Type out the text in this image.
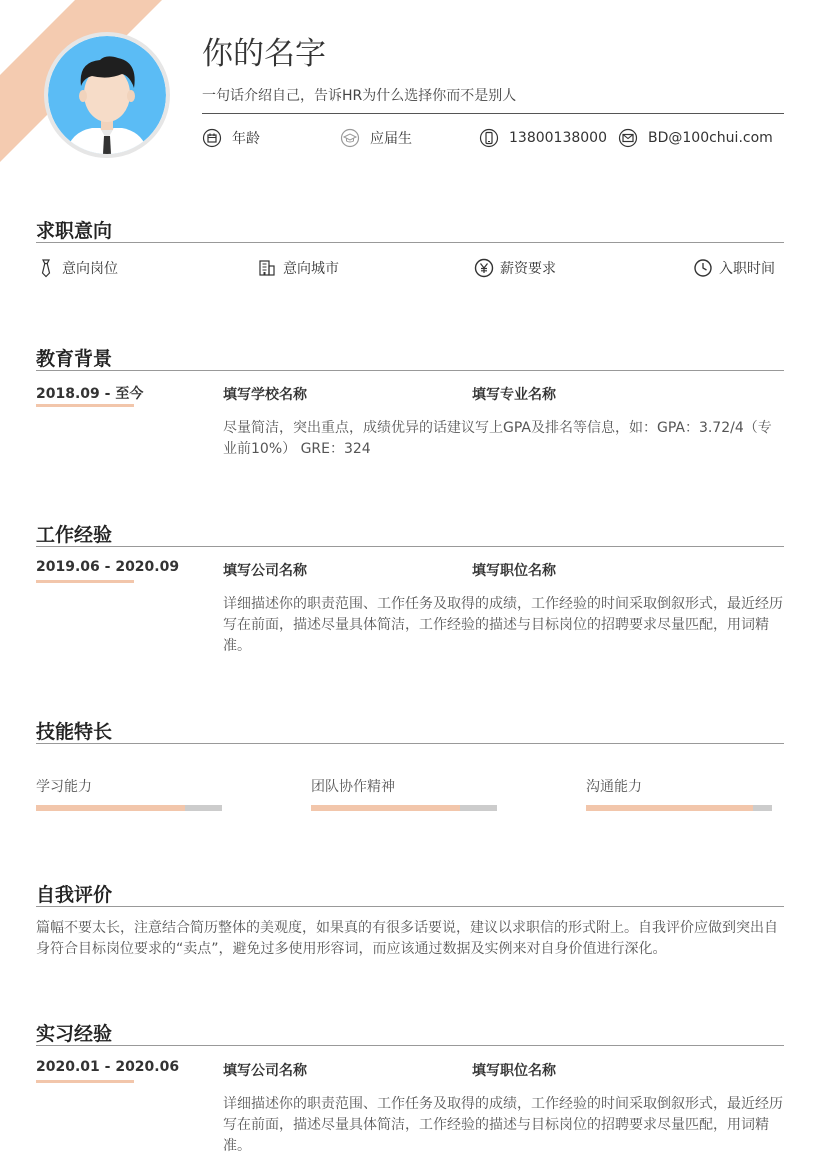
你的名字
一句话介绍自己，告诉HR为什么选择你而不是别人
年龄	应届生	13800138000	BD@100chui.com
求职意向
意向岗位	意向城市	薪资要求	入职时间
教育背景
2018.09 - 至今	填写学校名称	填写专业名称
尽量简洁，突出重点，成绩优异的话建议写上GPA及排名等信息，如：GPA：3.72/4（专业前10%） GRE：324
工作经验
2019.06 - 2020.09	填写公司名称	填写职位名称
详细描述你的职责范围、工作任务及取得的成绩，工作经验的时间采取倒叙形式，最近经历写在前面，描述尽量具体简洁，工作经验的描述与目标岗位的招聘要求尽量匹配，用词精准。
技能特长
学习能力	团队协作精神	沟通能力
自我评价
篇幅不要太长，注意结合简历整体的美观度，如果真的有很多话要说，建议以求职信的形式附上。自我评价应做到突出自身符合目标岗位要求的“卖点”，避免过多使用形容词，而应该通过数据及实例来对自身价值进行深化。
实习经验
2020.01 - 2020.06	填写公司名称	填写职位名称
详细描述你的职责范围、工作任务及取得的成绩，工作经验的时间采取倒叙形式，最近经历写在前面，描述尽量具体简洁，工作经验的描述与目标岗位的招聘要求尽量匹配，用词精准。
